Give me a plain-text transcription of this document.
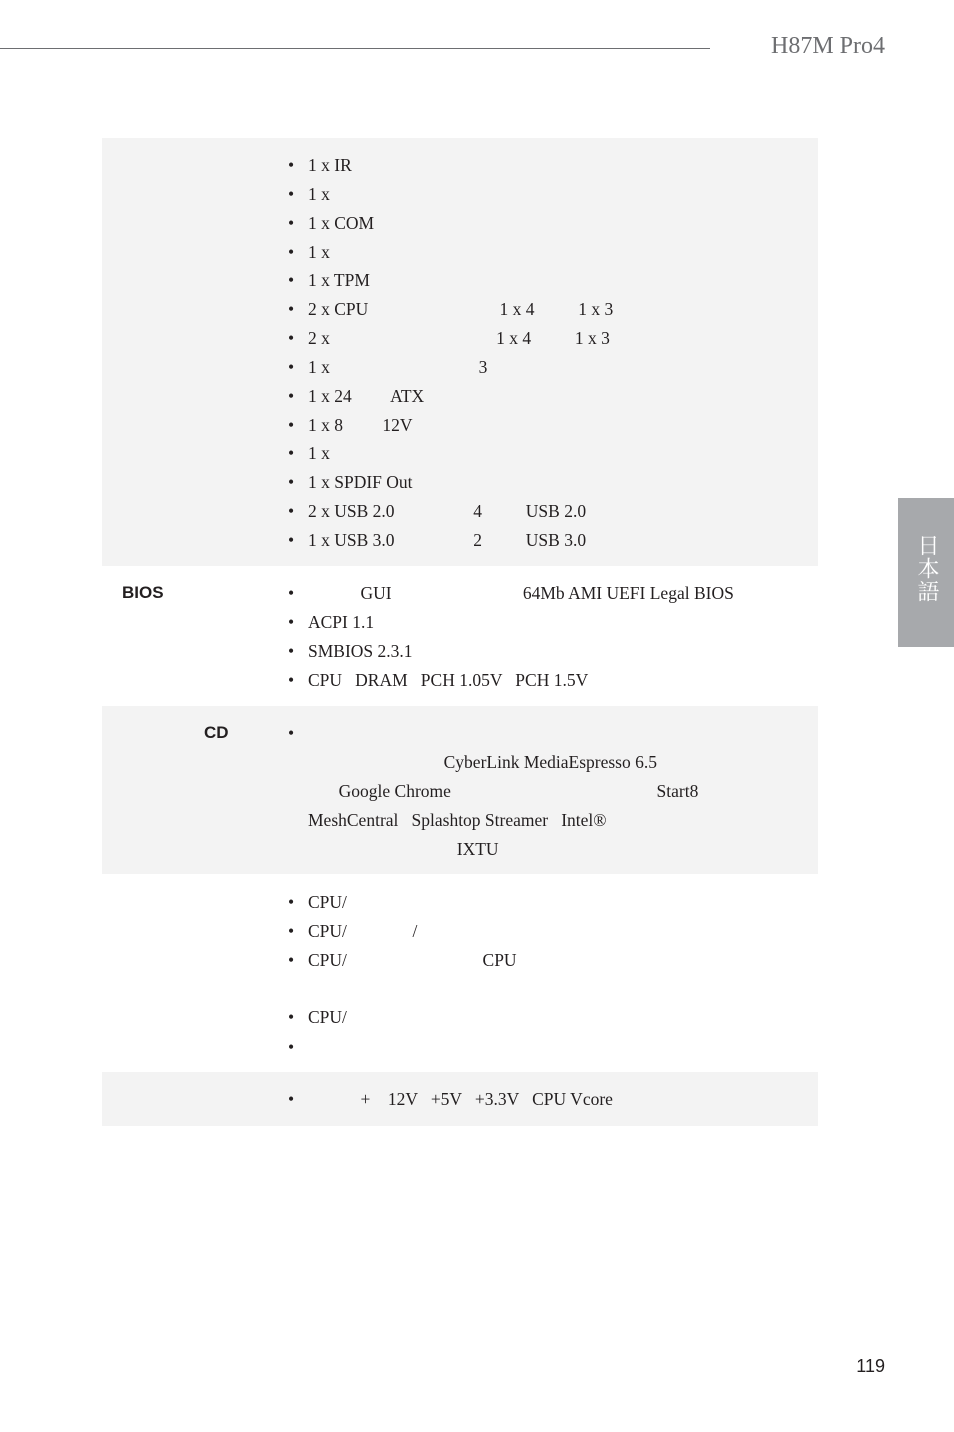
H87M Pro4
日本語
• 1 x IR
• 1 x
• 1 x COM
• 1 x
• 1 x TPM
• 2 x CPU                              1 x 4          1 x 3
• 2 x                                      1 x 4          1 x 3
• 1 x                                  3
• 1 x 24         ATX
• 1 x 8         12V
• 1 x
• 1 x SPDIF Out
• 2 x USB 2.0                  4          USB 2.0
• 1 x USB 3.0                  2          USB 3.0
BIOS
•	GUI                              64Mb AMI UEFI Legal BIOS
• ACPI 1.1
• SMBIOS 2.3.1
• CPU   DRAM   PCH 1.05V   PCH 1.5V
CD
CyberLink MediaEspresso 6.5
Google Chrome                                               Start8
MeshCentral   Splashtop Streamer   Intel®
IXTU
• CPU/
• CPU/               /
• CPU/                               CPU
• CPU/
•             +    12V   +5V   +3.3V   CPU Vcore
119
